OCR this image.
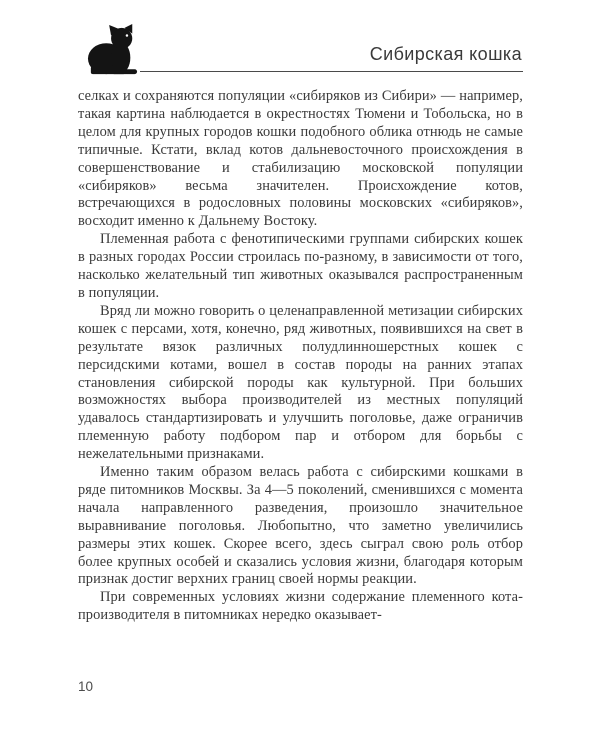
Сибирская кошка

селках и сохраняются популяции «сибиряков из Сибири» — например, такая картина наблюдается в окрестностях Тюмени и Тобольска, но в целом для крупных городов кошки подобного облика отнюдь не самые типичные. Кстати, вклад котов дальневосточного происхождения в совершенствование и стабилизацию московской популяции «сибиряков» весьма значителен. Происхождение котов, встречающихся в родословных половины московских «сибиряков», восходит именно к Дальнему Востоку.

Племенная работа с фенотипическими группами сибирских кошек в разных городах России строилась по-разному, в зависимости от того, насколько желательный тип животных оказывался распространенным в популяции.

Вряд ли можно говорить о целенаправленной метизации сибирских кошек с персами, хотя, конечно, ряд животных, появившихся на свет в результате вязок различных полудлинношерстных кошек с персидскими котами, вошел в состав породы на ранних этапах становления сибирской породы как культурной. При больших возможностях выбора производителей из местных популяций удавалось стандартизировать и улучшить поголовье, даже ограничив племенную работу подбором пар и отбором для борьбы с нежелательными признаками.

Именно таким образом велась работа с сибирскими кошками в ряде питомников Москвы. За 4—5 поколений, сменившихся с момента начала направленного разведения, произошло значительное выравнивание поголовья. Любопытно, что заметно увеличились размеры этих кошек. Скорее всего, здесь сыграл свою роль отбор более крупных особей и сказались условия жизни, благодаря которым признак достиг верхних границ своей нормы реакции.

При современных условиях жизни содержание племенного кота-производителя в питомниках нередко оказывает-

10
